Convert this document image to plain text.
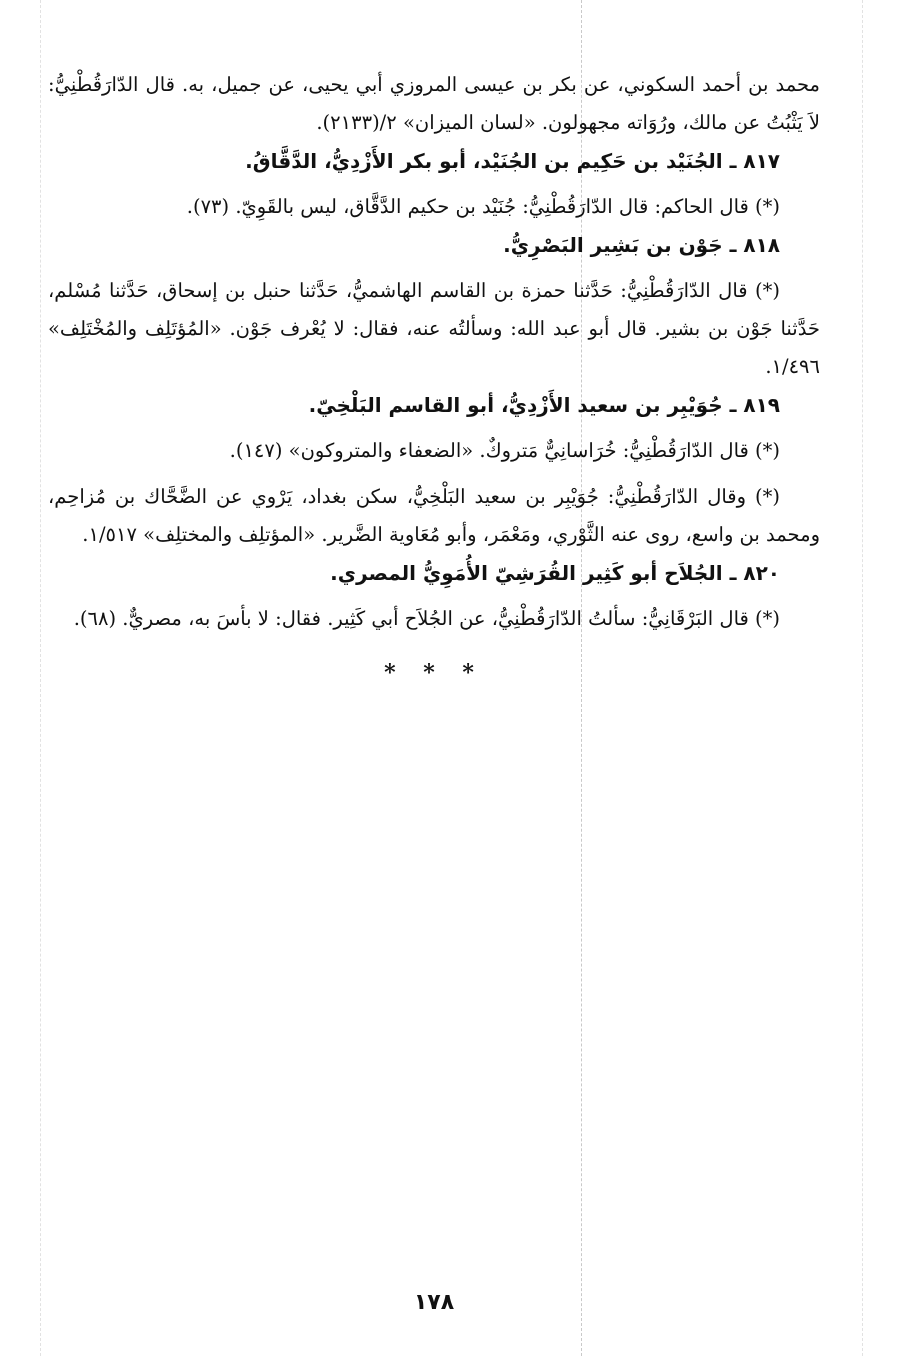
محمد بن أحمد السكوني، عن بكر بن عيسى المروزي أبي يحيى، عن جميل، به. قال الدّارَقُطْنِيُّ: لاَ يَثْبُتُ عن مالك، ورُوَاته مجهولون. «لسان الميزان» ٢/(٢١٣٣).

٨١٧ ـ الجُنَيْد بن حَكِيم بن الجُنَيْد، أبو بكر الأَزْدِيُّ، الدَّقَّاقُ.

(*) قال الحاكم: قال الدّارَقُطْنِيُّ: جُنَيْد بن حكيم الدَّقَّاق، ليس بالقَوِيّ. (٧٣).

٨١٨ ـ جَوْن بن بَشِير البَصْرِيُّ.

(*) قال الدّارَقُطْنِيُّ: حَدَّثنا حمزة بن القاسم الهاشميُّ، حَدَّثنا حنبل بن إسحاق، حَدَّثنا مُسْلم، حَدَّثنا جَوْن بن بشير. قال أبو عبد الله: وسألتُه عنه، فقال: لا يُعْرف جَوْن. «المُؤتَلِف والمُخْتَلِف» ١/٤٩٦.

٨١٩ ـ جُوَيْبِر بن سعيد الأَزْدِيُّ، أبو القاسم البَلْخِيّ.

(*) قال الدّارَقُطْنِيُّ: خُرَاسانِيٌّ مَتروكٌ. «الضعفاء والمتروكون» (١٤٧).

(*) وقال الدّارَقُطْنِيُّ: جُوَيْبِر بن سعيد البَلْخِيُّ، سكن بغداد، يَرْوي عن الضَّحَّاك بن مُزاحِم، ومحمد بن واسع، روى عنه الثَّوْري، ومَعْمَر، وأبو مُعَاوية الضَّرير. «المؤتلِف والمختلِف» ١/٥١٧.

٨٢٠ ـ الجُلاَح أبو كَثِير القُرَشِيّ الأُمَوِيُّ المصري.

(*) قال البَرْقَانِيُّ: سألتُ الدّارَقُطْنِيُّ، عن الجُلاَح أبي كَثِير. فقال: لا بأسَ به، مصريٌّ. (٦٨).

* * *
١٧٨
